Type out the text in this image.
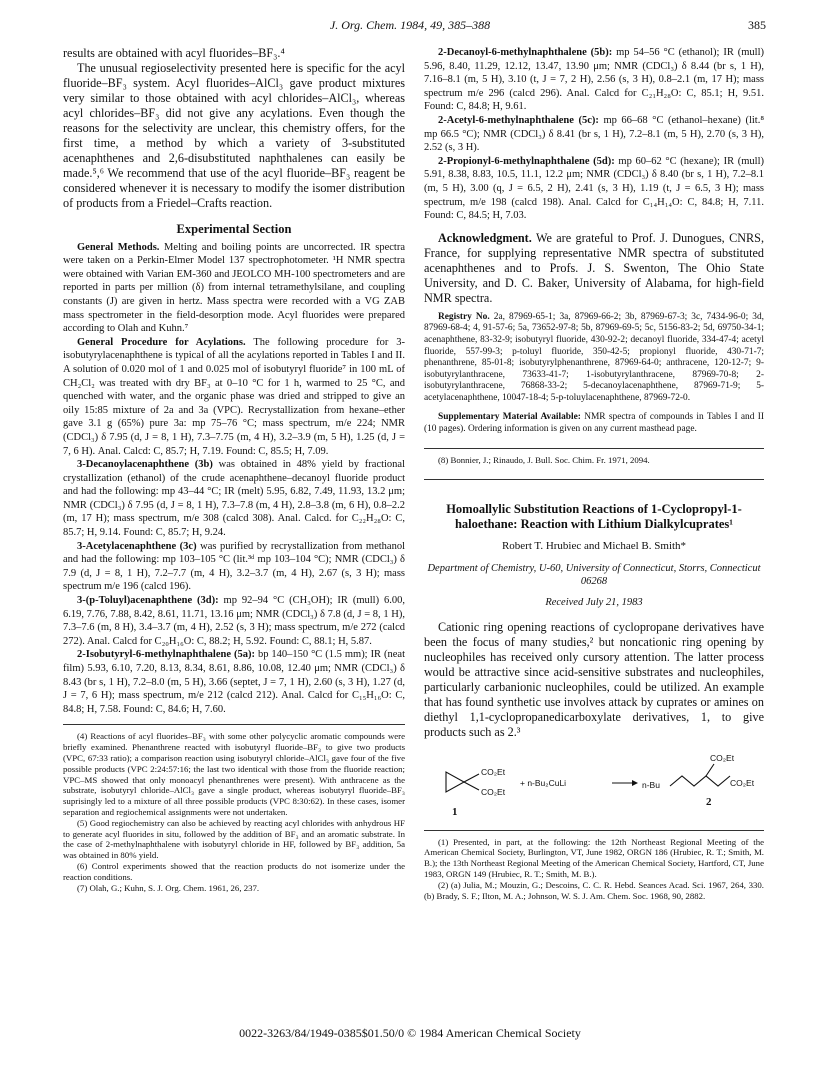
J. Org. Chem. 1984, 49, 385–388	385

results are obtained with acyl fluorides–BF₃.⁴

The unusual regioselectivity presented here is specific for the acyl fluoride–BF₃ system. Acyl fluorides–AlCl₃ gave product mixtures very similar to those obtained with acyl chlorides–AlCl₃, whereas acyl chlorides–BF₃ did not give any acylations. Even though the reasons for the selectivity are unclear, this chemistry offers, for the first time, a method by which a variety of 3-substituted acenaphthenes and 2,6-disubstituted naphthalenes can easily be made.⁵,⁶ We recommend that use of the acyl fluoride–BF₃ reagent be considered whenever it is necessary to modify the isomer distribution of products from a Friedel–Crafts reaction.

Experimental Section

General Methods. Melting and boiling points are uncorrected. IR spectra were taken on a Perkin-Elmer Model 137 spectrophotometer. ¹H NMR spectra were obtained with Varian EM-360 and JEOLCO MH-100 spectrometers and are reported in parts per million (δ) from internal tetramethylsilane, and coupling constants (J) are given in hertz. Mass spectra were recorded with a VG ZAB mass spectrometer in the field-desorption mode. Acyl fluorides were prepared according to Olah and Kuhn.⁷

General Procedure for Acylations. The following procedure for 3-isobutyrylacenaphthene is typical of all the acylations reported in Tables I and II. A solution of 0.020 mol of 1 and 0.025 mol of isobutyryl fluoride⁷ in 100 mL of CH₂Cl₂ was treated with dry BF₃ at 0–10 °C for 1 h, warmed to 25 °C, and quenched with water, and the organic phase was dried and stripped to give an oily 15:85 mixture of 2a and 3a (VPC). Recrystallization from hexane–ether gave 3.1 g (65%) pure 3a: mp 75–76 °C; mass spectrum, m/e 224; NMR (CDCl₃) δ 7.95 (d, J = 8, 1 H), 7.3–7.75 (m, 4 H), 3.2–3.9 (m, 5 H), 1.25 (d, J = 7, 6 H). Anal. Calcd: C, 85.7; H, 7.19. Found: C, 85.5; H, 7.09.

3-Decanoylacenaphthene (3b) was obtained in 48% yield by fractional crystallization (ethanol) of the crude acenaphthene–decanoyl fluoride product and had the following: mp 43–44 °C; IR (melt) 5.95, 6.82, 7.49, 11.93, 13.2 μm; NMR (CDCl₃) δ 7.95 (d, J = 8, 1 H), 7.3–7.8 (m, 4 H), 2.8–3.8 (m, 6 H), 0.8–2.2 (m, 17 H); mass spectrum, m/e 308 (calcd 308). Anal. Calcd. for C₂₂H₂₈O: C, 85.7; H, 9.14. Found: C, 85.7; H, 9.24.

3-Acetylacenaphthene (3c) was purified by recrystallization from methanol and had the following: mp 103–105 °C (lit.³ᵈ mp 103–104 °C); NMR (CDCl₃) δ 7.9 (d, J = 8, 1 H), 7.2–7.7 (m, 4 H), 3.2–3.7 (m, 4 H), 2.67 (s, 3 H); mass spectrum m/e 196 (calcd 196).

3-(p-Toluyl)acenaphthene (3d): mp 92–94 °C (CH₃OH); IR (mull) 6.00, 6.19, 7.76, 7.88, 8.42, 8.61, 11.71, 13.16 μm; NMR (CDCl₃) δ 7.8 (d, J = 8, 1 H), 7.3–7.6 (m, 8 H), 3.4–3.7 (m, 4 H), 2.52 (s, 3 H); mass spectrum, m/e 272 (calcd 272). Anal. Calcd for C₂₀H₁₆O: C, 88.2; H, 5.92. Found: C, 88.1; H, 5.87.

2-Isobutyryl-6-methylnaphthalene (5a): bp 140–150 °C (1.5 mm); IR (neat film) 5.93, 6.10, 7.20, 8.13, 8.34, 8.61, 8.86, 10.08, 12.40 μm; NMR (CDCl₃) δ 8.43 (br s, 1 H), 7.2–8.0 (m, 5 H), 3.66 (septet, J = 7, 1 H), 2.60 (s, 3 H), 1.27 (d, J = 7, 6 H); mass spectrum, m/e 212 (calcd 212). Anal. Calcd for C₁₅H₁₆O: C, 84.8; H, 7.58. Found: C, 84.6; H, 7.60.

(4) Reactions of acyl fluorides–BF₃ with some other polycyclic aromatic compounds were briefly examined. Phenanthrene reacted with isobutyryl fluoride–BF₃ to give two products (VPC, 67:33 ratio); a comparison reaction using isobutyryl chloride–AlCl₃ gave four of the five possible products (VPC 2:24:57:16; the last two identical with those from the fluoride reaction; VPC–MS showed that only monoacyl phenanthrenes were present). With anthracene as the substrate, isobutyryl chloride–AlCl₃ gave a single product, whereas isobutyryl fluoride–BF₃ suprisingly led to a mixture of all three possible products (VPC 8:30:62). In these cases, isomer separation and regiochemical assignments were not undertaken.

(5) Good regiochemistry can also be achieved by reacting acyl chlorides with anhydrous HF to generate acyl fluorides in situ, followed by the addition of BF₃ and an aromatic substrate. In the case of 2-methylnaphthalene with isobutyryl chloride in HF, followed by BF₃ addition, 5a was obtained in 80% yield.

(6) Control experiments showed that the reaction products do not isomerize under the reaction conditions.

(7) Olah, G.; Kuhn, S. J. Org. Chem. 1961, 26, 237.

2-Decanoyl-6-methylnaphthalene (5b): mp 54–56 °C (ethanol); IR (mull) 5.96, 8.40, 11.29, 12.12, 13.47, 13.90 μm; NMR (CDCl₃) δ 8.44 (br s, 1 H), 7.16–8.1 (m, 5 H), 3.10 (t, J = 7, 2 H), 2.56 (s, 3 H), 0.8–2.1 (m, 17 H); mass spectrum m/e 296 (calcd 296). Anal. Calcd for C₂₁H₂₈O: C, 85.1; H, 9.51. Found: C, 84.8; H, 9.61.

2-Acetyl-6-methylnaphthalene (5c): mp 66–68 °C (ethanol–hexane) (lit.⁸ mp 66.5 °C); NMR (CDCl₃) δ 8.41 (br s, 1 H), 7.2–8.1 (m, 5 H), 2.70 (s, 3 H), 2.52 (s, 3 H).

2-Propionyl-6-methylnaphthalene (5d): mp 60–62 °C (hexane); IR (mull) 5.91, 8.38, 8.83, 10.5, 11.1, 12.2 μm; NMR (CDCl₃) δ 8.40 (br s, 1 H), 7.2–8.1 (m, 5 H), 3.00 (q, J = 6.5, 2 H), 2.41 (s, 3 H), 1.19 (t, J = 6.5, 3 H); mass spectrum, m/e 198 (calcd 198). Anal. Calcd for C₁₄H₁₄O: C, 84.8; H, 7.11. Found: C, 84.5; H, 7.03.

Acknowledgment. We are grateful to Prof. J. Dunogues, CNRS, France, for supplying representative NMR spectra of substituted acenaphthenes and to Profs. J. S. Swenton, The Ohio State University, and D. C. Baker, University of Alabama, for high-field NMR spectra.

Registry No. 2a, 87969-65-1; 3a, 87969-66-2; 3b, 87969-67-3; 3c, 7434-96-0; 3d, 87969-68-4; 4, 91-57-6; 5a, 73652-97-8; 5b, 87969-69-5; 5c, 5156-83-2; 5d, 69750-34-1; acenaphthene, 83-32-9; isobutyryl fluoride, 430-92-2; decanoyl fluoride, 334-47-4; acetyl fluoride, 557-99-3; p-toluyl fluoride, 350-42-5; propionyl fluoride, 430-71-7; phenanthrene, 85-01-8; isobutyrylphenanthrene, 87969-64-0; anthracene, 120-12-7; 9-isobutyrylanthracene, 73633-41-7; 1-isobutyrylanthracene, 87969-70-8; 2-isobutyrylanthracene, 76868-33-2; 5-decanoylacenaphthene, 87969-71-9; 5-acetylacenaphthene, 10047-18-4; 5-p-toluylacenaphthene, 87969-72-0.

Supplementary Material Available: NMR spectra of compounds in Tables I and II (10 pages). Ordering information is given on any current masthead page.

(8) Bonnier, J.; Rinaudo, J. Bull. Soc. Chim. Fr. 1971, 2094.

Homoallylic Substitution Reactions of 1-Cyclopropyl-1-haloethane: Reaction with Lithium Dialkylcuprates¹
Robert T. Hrubiec and Michael B. Smith*
Department of Chemistry, U-60, University of Connecticut, Storrs, Connecticut 06268
Received July 21, 1983

Cationic ring opening reactions of cyclopropane derivatives have been the focus of many studies,² but noncationic ring opening by nucleophiles has received only cursory attention. The latter process would be attractive since acid-sensitive substrates and nucleophiles, particularly carbanionic nucleophiles, could be utilized. An example that has found synthetic use involves attack by cuprates or amines on diethyl 1,1-cyclopropanedicarboxylate derivatives, 1, to give products such as 2.³

CO₂Et
CO₂Et
+ n-Bu₂CuLi	n-Bu
CO₂Et
CO₂Et
1
2

(1) Presented, in part, at the following: the 12th Northeast Regional Meeting of the American Chemical Society, Burlington, VT, June 1982, ORGN 186 (Hrubiec, R. T.; Smith, M. B.); the 13th Northeast Regional Meeting of the American Chemical Society, Hartford, CT, June 1983, ORGN 149 (Hrubiec, R. T.; Smith, M. B.).

(2) (a) Julia, M.; Mouzin, G.; Descoins, C. C. R. Hebd. Seances Acad. Sci. 1967, 264, 330. (b) Brady, S. F.; Ilton, M. A.; Johnson, W. S. J. Am. Chem. Soc. 1968, 90, 2882.

0022-3263/84/1949-0385$01.50/0 © 1984 American Chemical Society
